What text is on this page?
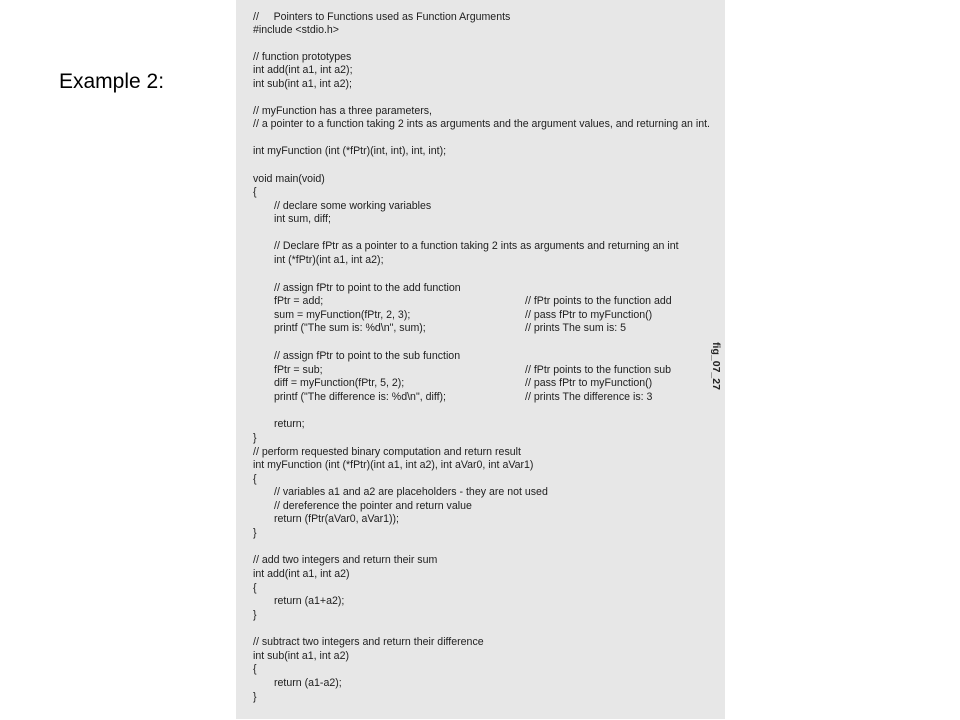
Example 2:
//     Pointers to Functions used as Function Arguments
#include <stdio.h>
// function prototypes
int add(int a1, int a2);
int sub(int a1, int a2);
// myFunction has a three parameters,
// a pointer to a function taking 2 ints as arguments and the argument values, and returning an int.
int myFunction (int (*fPtr)(int, int), int, int);
void main(void)
{
// declare some working variables
int sum, diff;
// Declare fPtr as a pointer to a function taking 2 ints as arguments and returning an int
int (*fPtr)(int a1, int a2);
// assign fPtr to point to the add function
fPtr = add;	// fPtr points to the function add
sum = myFunction(fPtr, 2, 3);	// pass fPtr to myFunction()
printf ("The sum is: %d\n", sum);	// prints The sum is: 5
// assign fPtr to point to the sub function
fPtr = sub;	// fPtr points to the function sub
diff = myFunction(fPtr, 5, 2);	// pass fPtr to myFunction()
printf ("The difference is: %d\n", diff);	// prints The difference is: 3
return;
}
// perform requested binary computation and return result
int myFunction (int (*fPtr)(int a1, int a2), int aVar0, int aVar1)
{
// variables a1 and a2 are placeholders - they are not used
// dereference the pointer and return value
return (fPtr(aVar0, aVar1));
}
// add two integers and return their sum
int add(int a1, int a2)
{
return (a1+a2);
}
// subtract two integers and return their difference
int sub(int a1, int a2)
{
return (a1-a2);
}
fig_07_27
